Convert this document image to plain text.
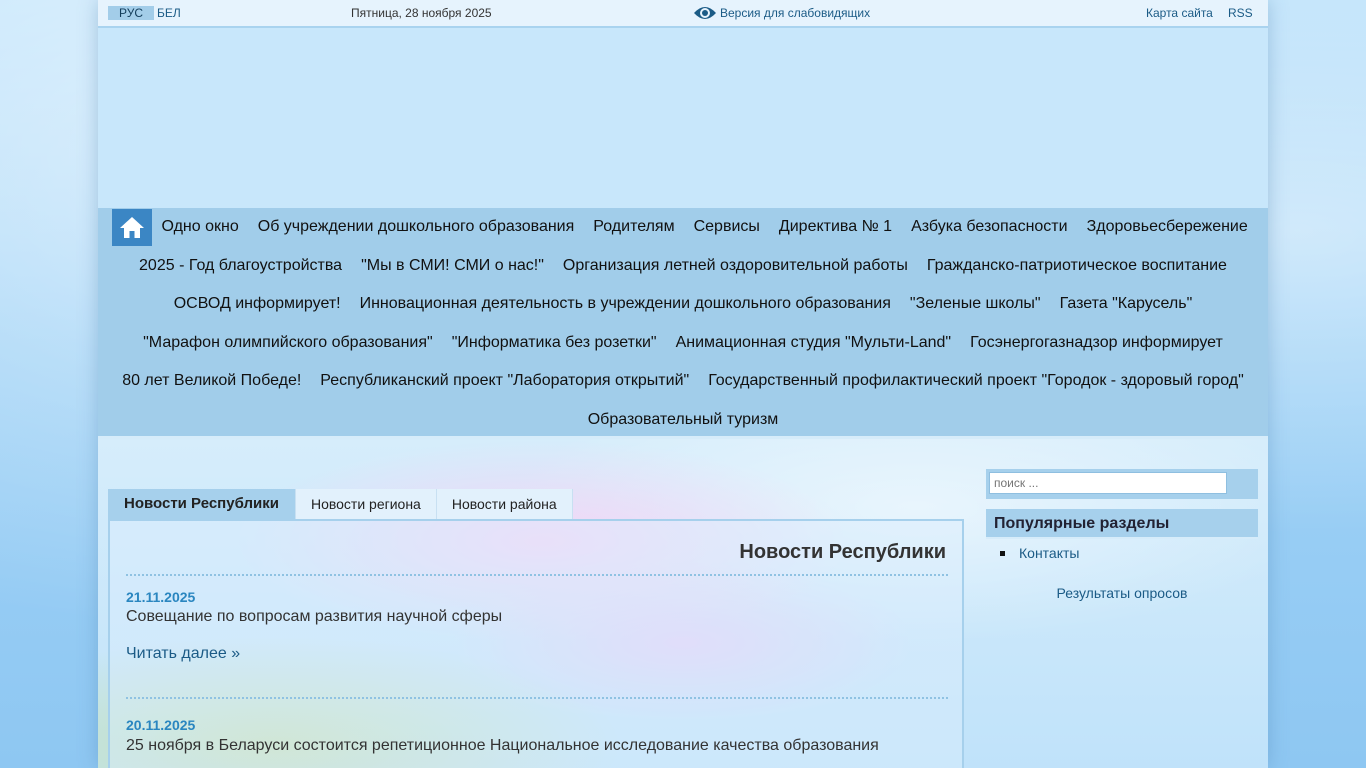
РУС	БЕЛ	Пятница, 28 ноября 2025	Версия для слабовидящих	Карта сайта RSS
Одно окно	Об учреждении дошкольного образования	Родителям	Сервисы	Директива № 1	Азбука безопасности	Здоровьесбережение
2025 - Год благоустройства	"Мы в СМИ! СМИ о нас!"	Организация летней оздоровительной работы	Гражданско-патриотическое воспитание
ОСВОД информирует!	Инновационная деятельность в учреждении дошкольного образования	"Зеленые школы"	Газета "Карусель"
"Марафон олимпийского образования"	"Информатика без розетки"	Анимационная студия "Мульти-Land"	Госэнергогазнадзор информирует
80 лет Великой Победе!	Республиканский проект "Лаборатория открытий"	Государственный профилактический проект "Городок - здоровый город"
Образовательный туризм
Новости Республики	Новости региона	Новости района
Новости Республики
21.11.2025
Совещание по вопросам развития научной сферы
Читать далее »
20.11.2025
25 ноября в Беларуси состоится репетиционное Национальное исследование качества образования
поиск ...
Популярные разделы
Контакты
Результаты опросов
